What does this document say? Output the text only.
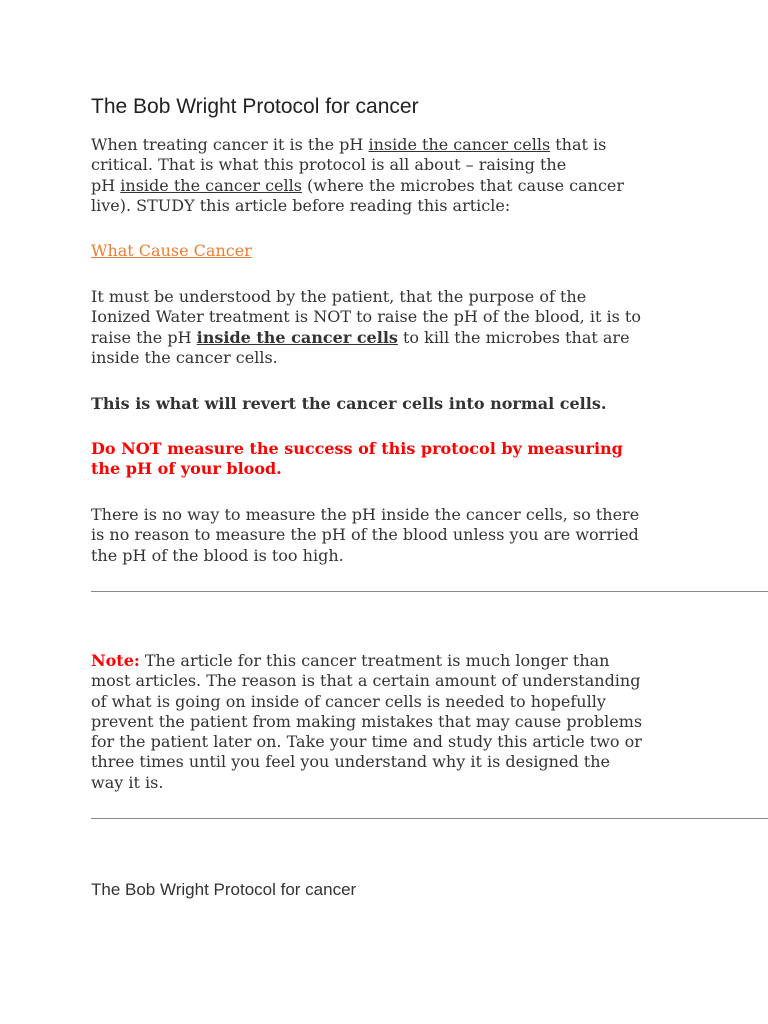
The Bob Wright Protocol for cancer

When treating cancer it is the pH inside the cancer cells that is
critical. That is what this protocol is all about – raising the
pH inside the cancer cells (where the microbes that cause cancer
live). STUDY this article before reading this article:

What Cause Cancer

It must be understood by the patient, that the purpose of the
Ionized Water treatment is NOT to raise the pH of the blood, it is to
raise the pH inside the cancer cells to kill the microbes that are
inside the cancer cells.

This is what will revert the cancer cells into normal cells.

Do NOT measure the success of this protocol by measuring
the pH of your blood.

There is no way to measure the pH inside the cancer cells, so there
is no reason to measure the pH of the blood unless you are worried
the pH of the blood is too high.

Note: The article for this cancer treatment is much longer than
most articles. The reason is that a certain amount of understanding
of what is going on inside of cancer cells is needed to hopefully
prevent the patient from making mistakes that may cause problems
for the patient later on. Take your time and study this article two or
three times until you feel you understand why it is designed the
way it is.

The Bob Wright Protocol for cancer
